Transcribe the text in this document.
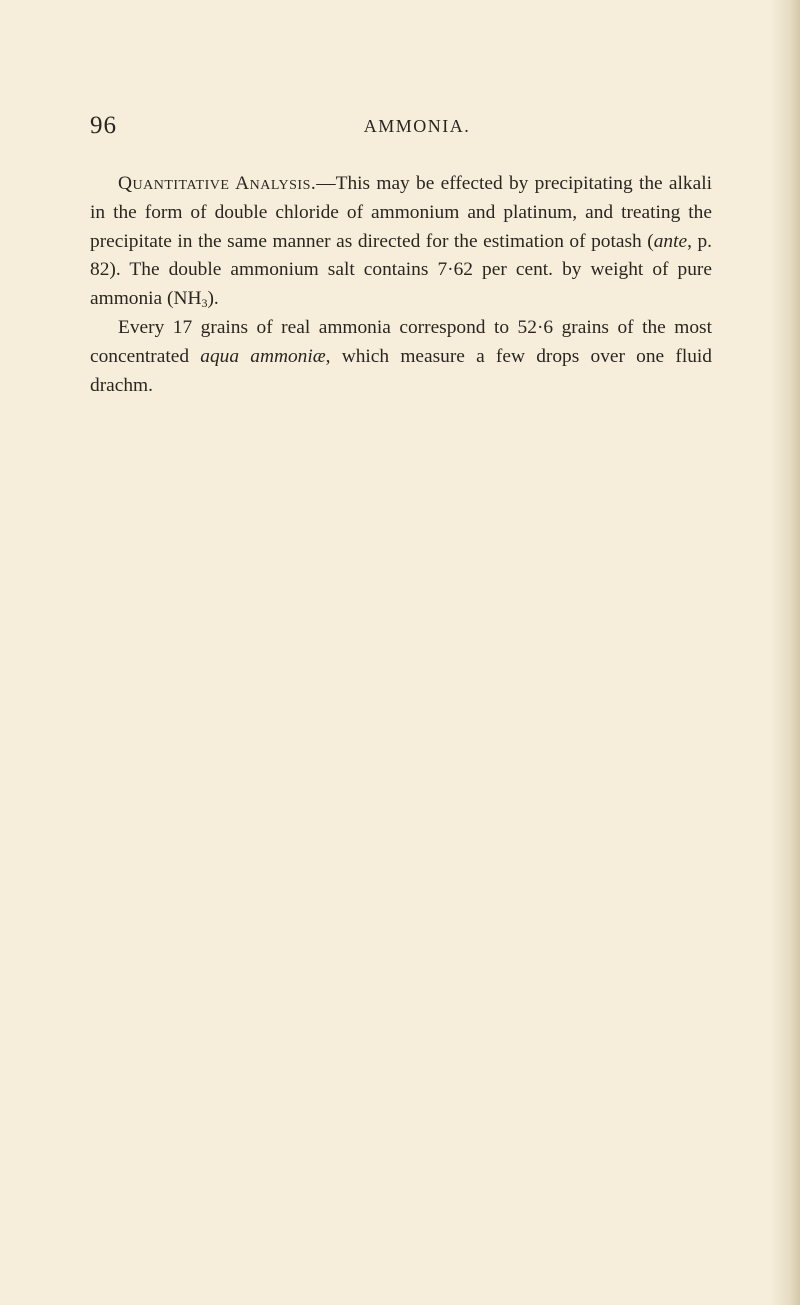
96	AMMONIA.

Quantitative Analysis.—This may be effected by precipitating the alkali in the form of double chloride of ammonium and platinum, and treating the precipitate in the same manner as directed for the estimation of potash (ante, p. 82). The double ammonium salt contains 7·62 per cent. by weight of pure ammonia $(NH_3)$.

Every 17 grains of real ammonia correspond to 52·6 grains of the most concentrated aqua ammoniæ, which measure a few drops over one fluid drachm.
